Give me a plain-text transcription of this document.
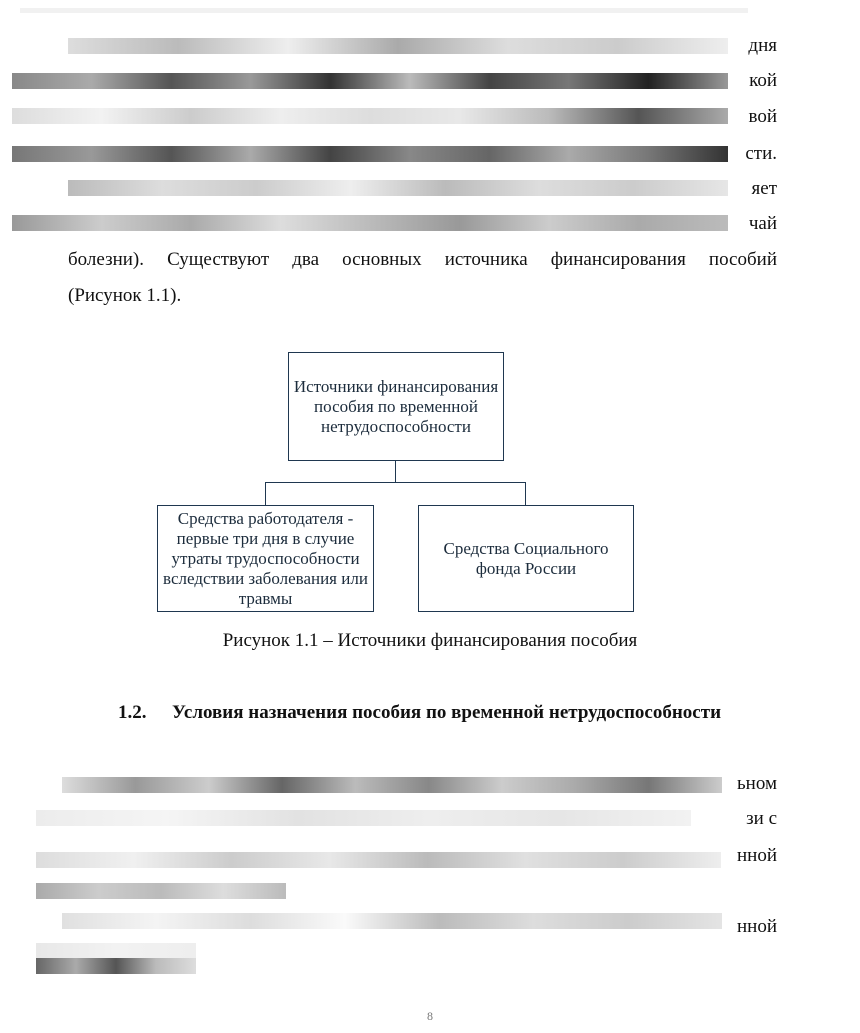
дня
кой
вой
сти.
яет
чай
болезни). Существуют два основных источника финансирования пособий
(Рисунок 1.1).
Источники финансирования пособия по временной нетрудоспособности
Средства работодателя - первые три дня в случие утраты трудоспособности вследствии заболевания или травмы
Средства Социального фонда России
Рисунок 1.1 – Источники финансирования пособия
1.2. Условия назначения пособия по временной нетрудоспособности
ьном
зи с
нной
нной
8
